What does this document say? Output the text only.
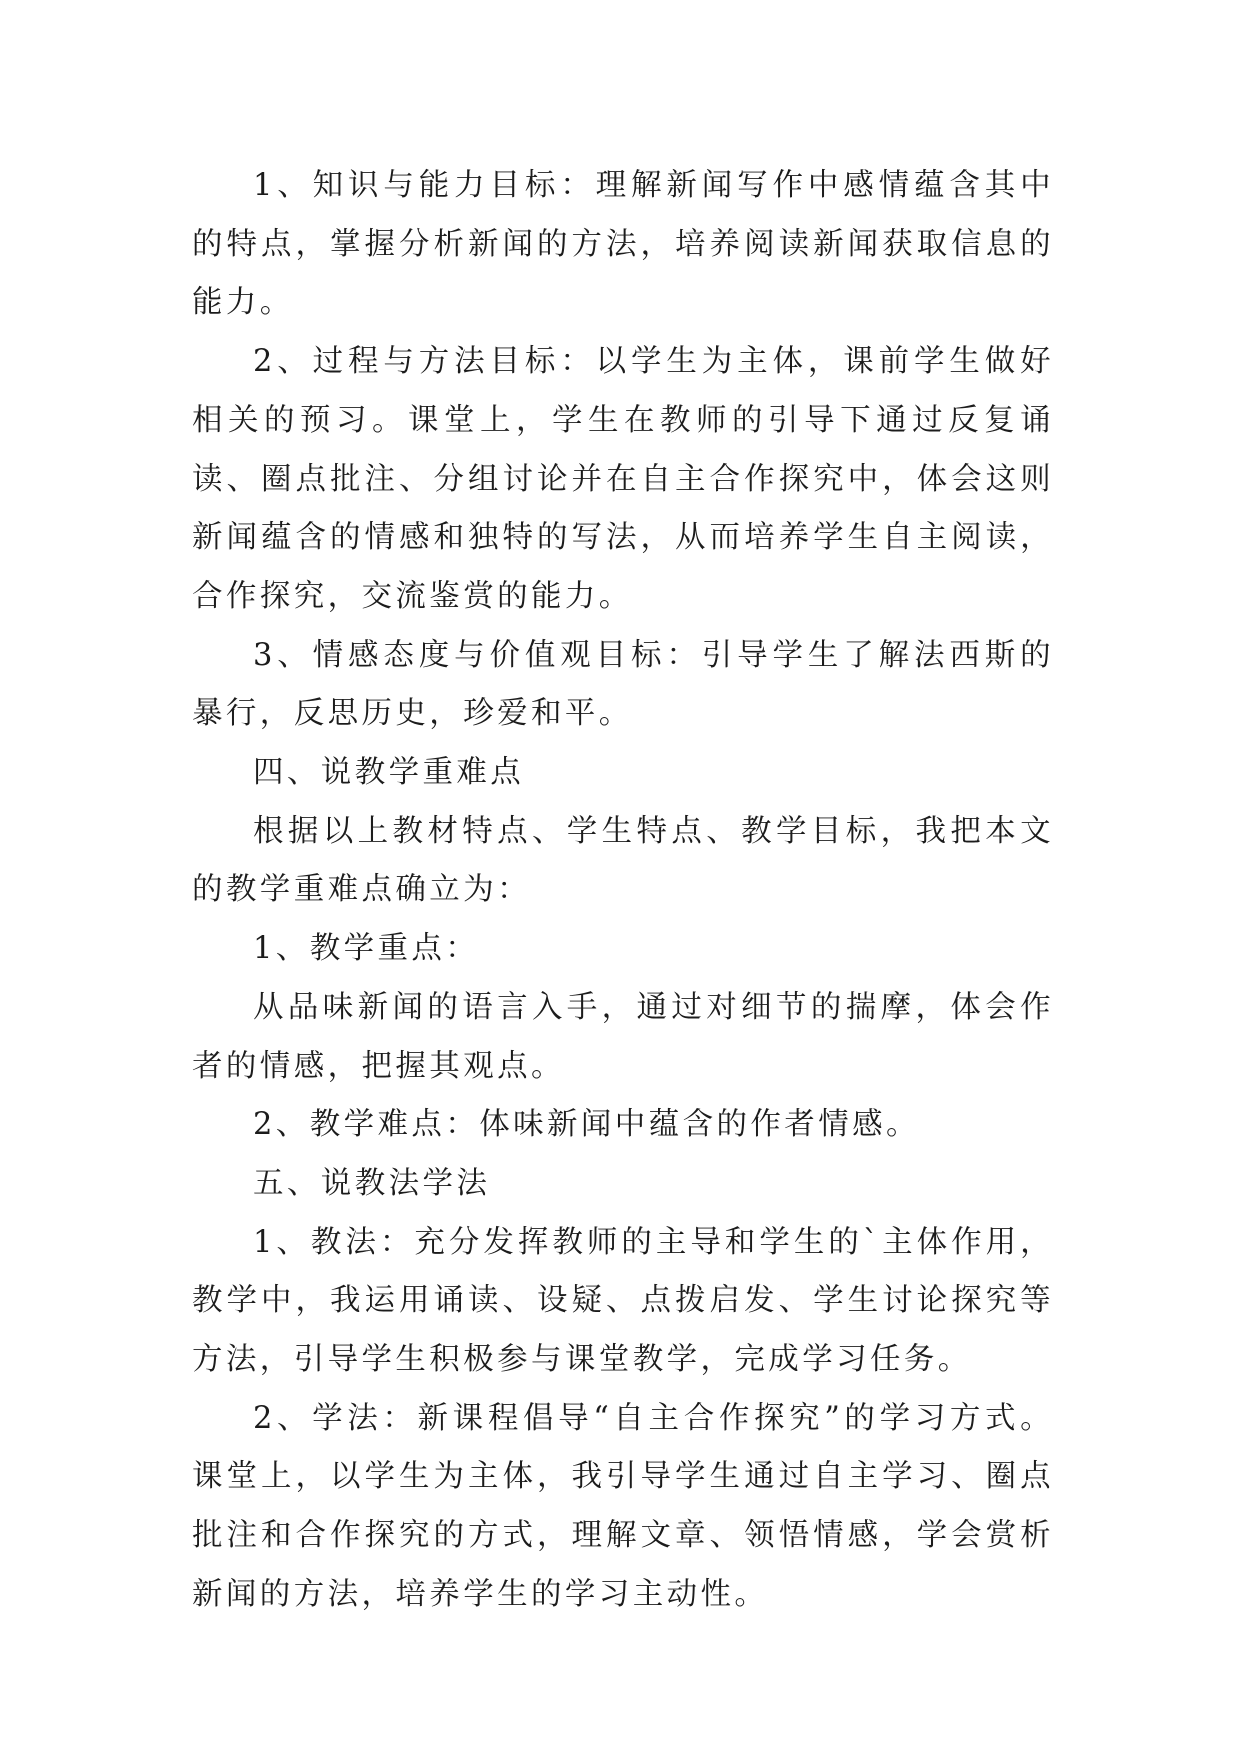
1、知识与能力目标：理解新闻写作中感情蕴含其中的特点，掌握分析新闻的方法，培养阅读新闻获取信息的能力。

2、过程与方法目标：以学生为主体，课前学生做好相关的预习。课堂上，学生在教师的引导下通过反复诵读、圈点批注、分组讨论并在自主合作探究中，体会这则新闻蕴含的情感和独特的写法，从而培养学生自主阅读，合作探究，交流鉴赏的能力。

3、情感态度与价值观目标：引导学生了解法西斯的暴行，反思历史，珍爱和平。

四、说教学重难点

根据以上教材特点、学生特点、教学目标，我把本文的教学重难点确立为：

1、教学重点：

从品味新闻的语言入手，通过对细节的揣摩，体会作者的情感，把握其观点。

2、教学难点：体味新闻中蕴含的作者情感。

五、说教法学法

1、教法：充分发挥教师的主导和学生的`主体作用，教学中，我运用诵读、设疑、点拨启发、学生讨论探究等方法，引导学生积极参与课堂教学，完成学习任务。

2、学法：新课程倡导“自主合作探究”的学习方式。课堂上，以学生为主体，我引导学生通过自主学习、圈点批注和合作探究的方式，理解文章、领悟情感，学会赏析新闻的方法，培养学生的学习主动性。
